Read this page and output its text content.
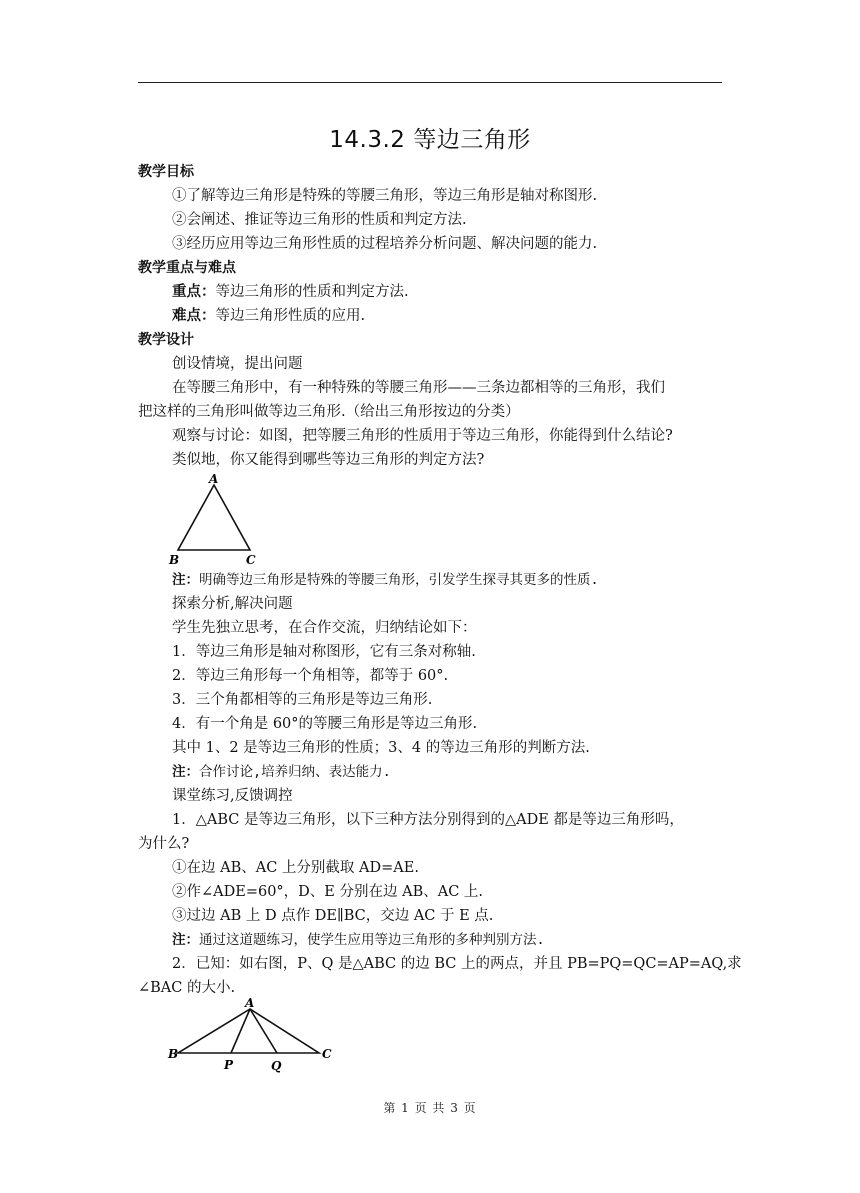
14.3.2 等边三角形
教学目标
①了解等边三角形是特殊的等腰三角形，等边三角形是轴对称图形.
②会阐述、推证等边三角形的性质和判定方法.
③经历应用等边三角形性质的过程培养分析问题、解决问题的能力.
教学重点与难点
重点：等边三角形的性质和判定方法.
难点：等边三角形性质的应用.
教学设计
创设情境，提出问题
在等腰三角形中，有一种特殊的等腰三角形——三条边都相等的三角形，我们
把这样的三角形叫做等边三角形.（给出三角形按边的分类）
观察与讨论：如图，把等腰三角形的性质用于等边三角形，你能得到什么结论?
类似地，你又能得到哪些等边三角形的判定方法?
A
B	C
注：明确等边三角形是特殊的等腰三角形，引发学生探寻其更多的性质.
探索分析,解决问题
学生先独立思考，在合作交流，归纳结论如下：
1．等边三角形是轴对称图形，它有三条对称轴.
2．等边三角形每一个角相等，都等于 60°.
3．三个角都相等的三角形是等边三角形.
4．有一个角是 60°的等腰三角形是等边三角形.
其中 1、2 是等边三角形的性质；3、4 的等边三角形的判断方法.
注：合作讨论,培养归纳、表达能力.
课堂练习,反馈调控
1．△ABC 是等边三角形，以下三种方法分别得到的△ADE 都是等边三角形吗，
为什么?
①在边 AB、AC 上分别截取 AD=AE.
②作∠ADE=60°，D、E 分别在边 AB、AC 上.
③过边 AB 上 D 点作 DE∥BC，交边 AC 于 E 点.
注：通过这道题练习，使学生应用等边三角形的多种判别方法.
2．已知：如右图，P、Q 是△ABC 的边 BC 上的两点，并且 PB=PQ=QC=AP=AQ,求
∠BAC 的大小.
A
B	C
P	Q
第 1 页 共 3 页
